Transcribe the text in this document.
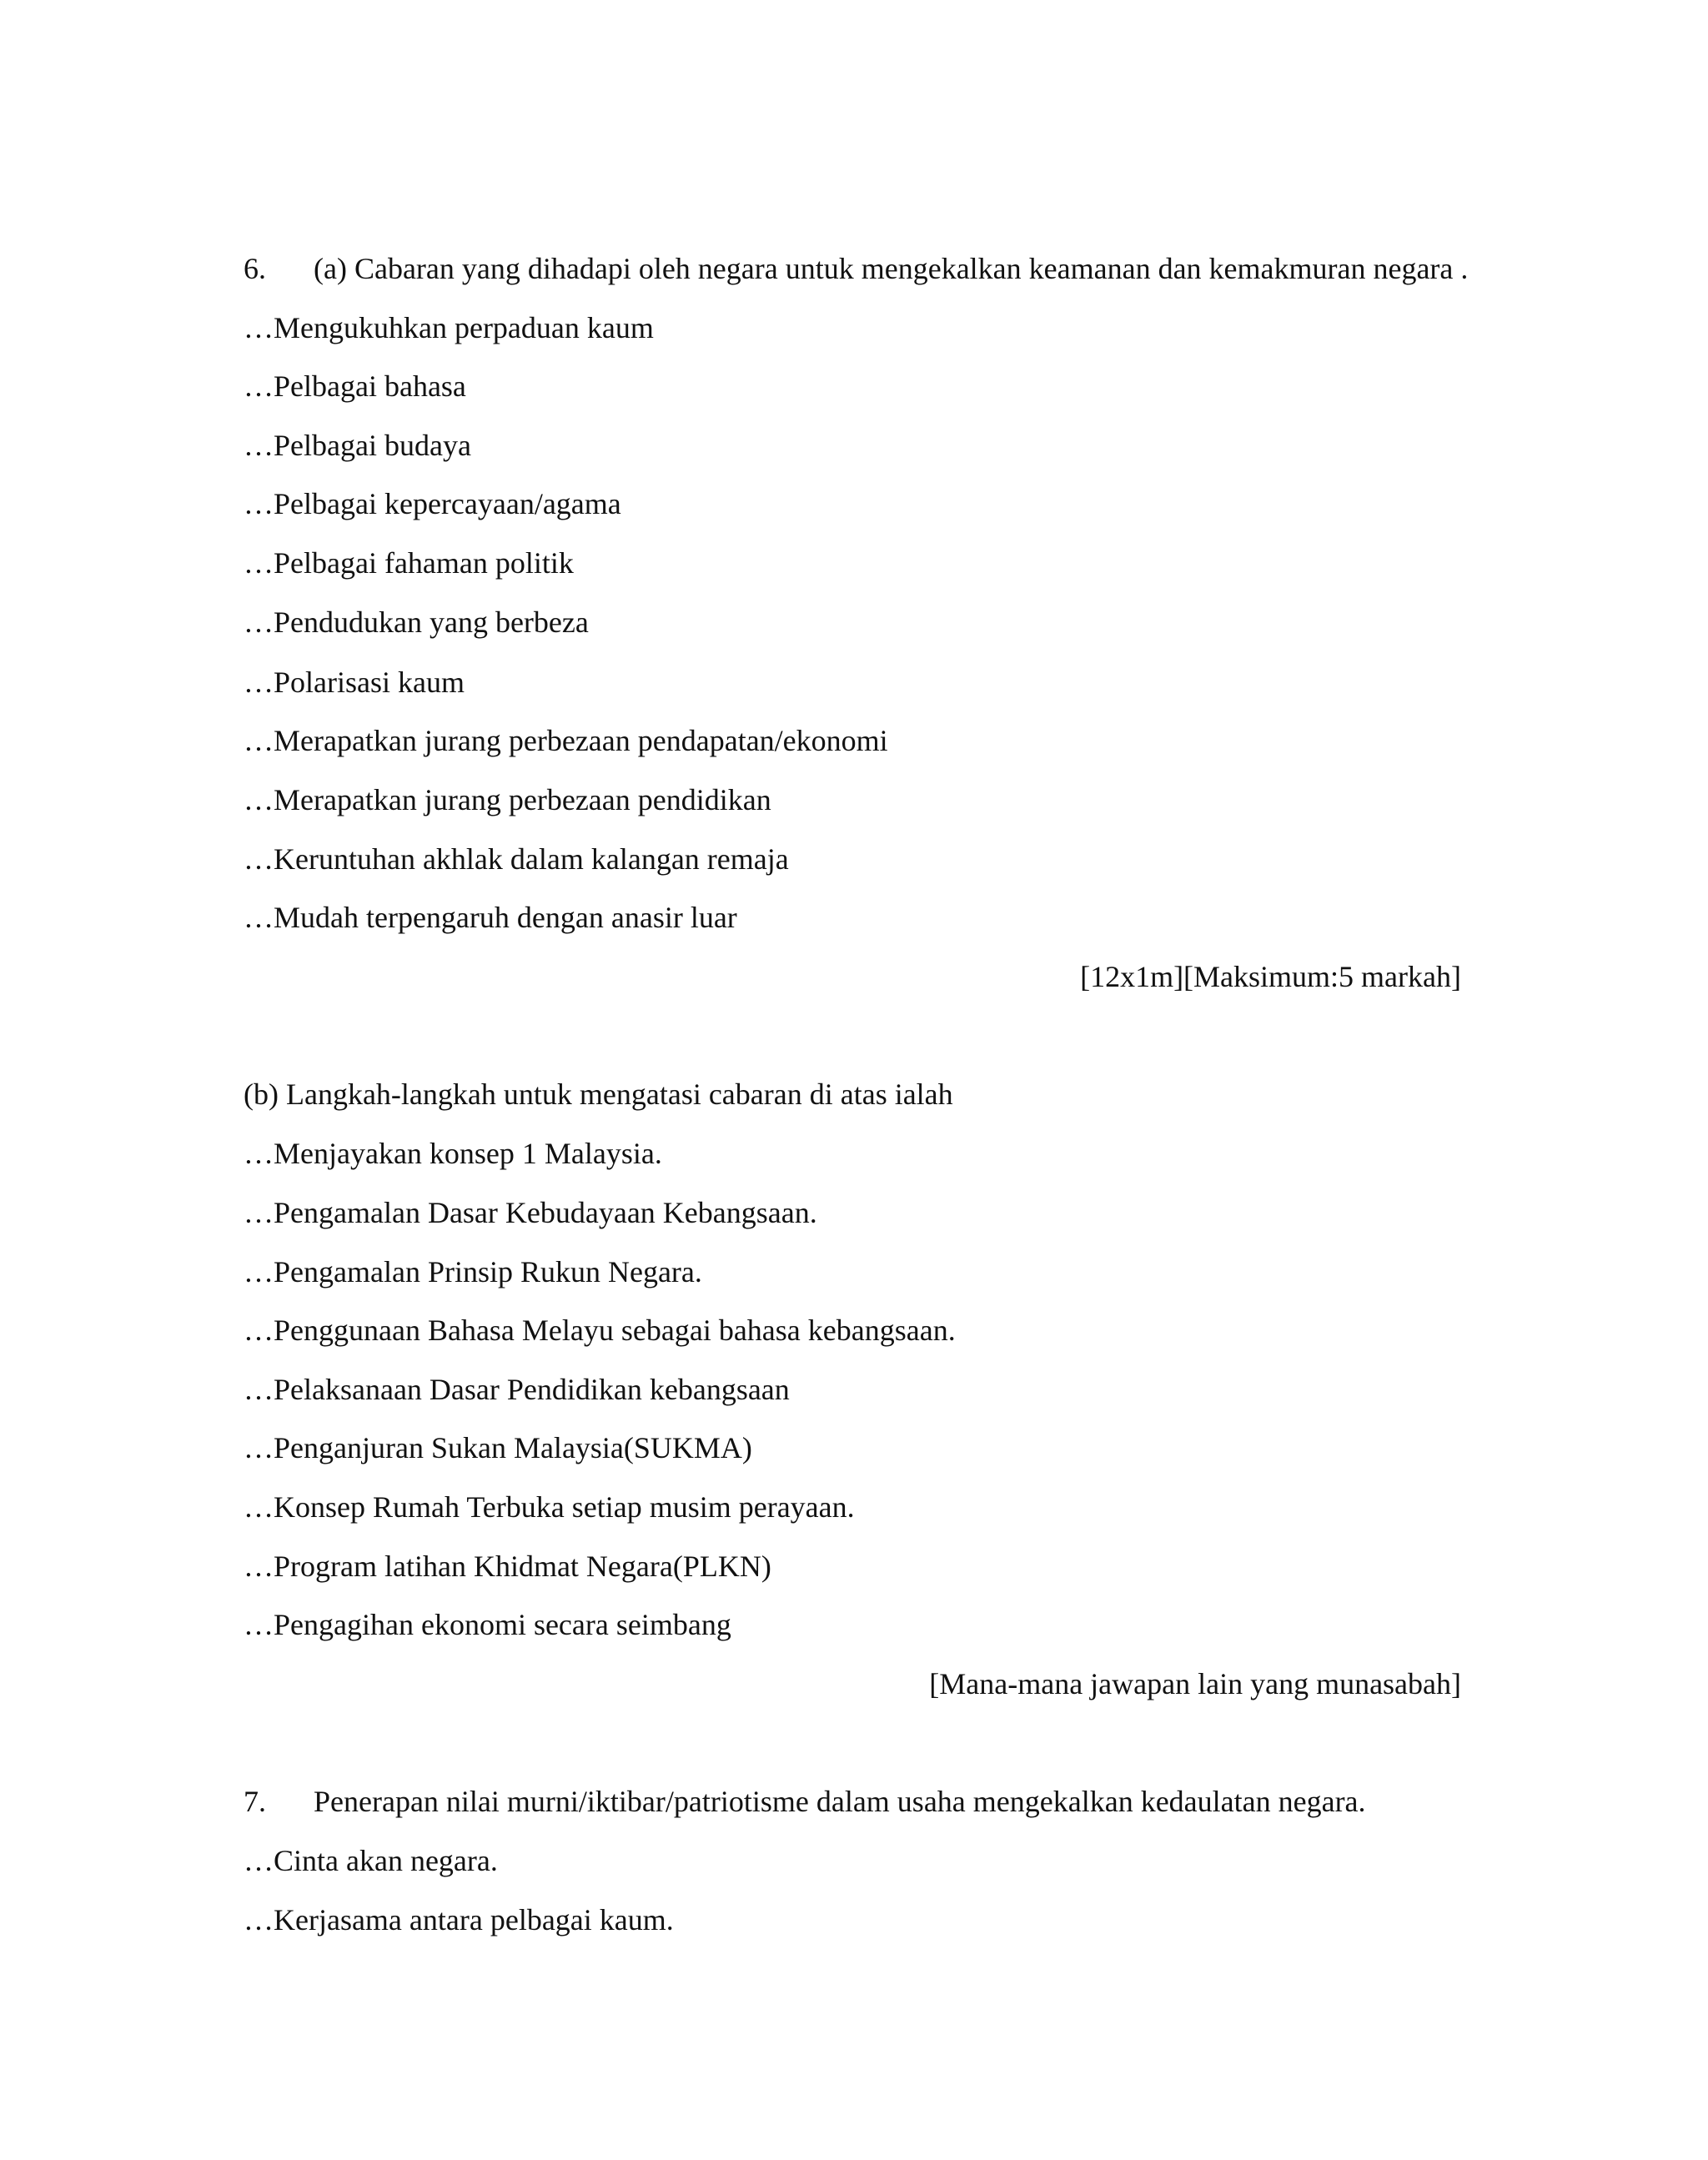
6. (a) Cabaran yang dihadapi oleh negara untuk mengekalkan keamanan dan kemakmuran negara .
…Mengukuhkan perpaduan kaum
…Pelbagai bahasa
…Pelbagai budaya
…Pelbagai kepercayaan/agama
…Pelbagai fahaman politik
…Pendudukan yang berbeza
…Polarisasi kaum
…Merapatkan jurang perbezaan pendapatan/ekonomi
…Merapatkan jurang perbezaan pendidikan
…Keruntuhan akhlak dalam kalangan remaja
…Mudah terpengaruh dengan anasir luar
[12x1m][Maksimum:5 markah]
(b) Langkah-langkah untuk mengatasi cabaran di atas ialah
…Menjayakan konsep 1 Malaysia.
…Pengamalan Dasar Kebudayaan Kebangsaan.
…Pengamalan Prinsip Rukun Negara.
…Penggunaan Bahasa Melayu sebagai bahasa kebangsaan.
…Pelaksanaan Dasar Pendidikan kebangsaan
…Penganjuran Sukan Malaysia(SUKMA)
…Konsep Rumah Terbuka setiap musim perayaan.
…Program latihan Khidmat Negara(PLKN)
…Pengagihan ekonomi secara seimbang
[Mana-mana jawapan lain yang munasabah]
7. Penerapan nilai murni/iktibar/patriotisme dalam usaha mengekalkan kedaulatan negara.
…Cinta akan negara.
…Kerjasama antara pelbagai kaum.
